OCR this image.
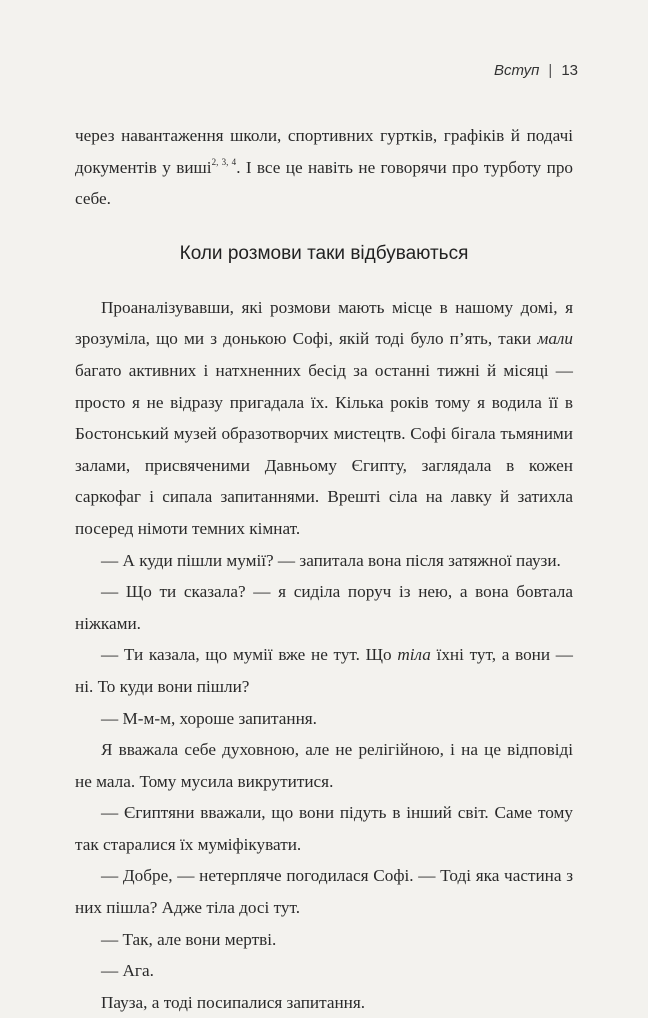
Вступ | 13

через навантаження школи, спортивних гуртків, графіків й подачі документів у виші$^{2, 3, 4}$. І все це навіть не говорячи про турботу про себе.

Коли розмови таки відбуваються

Проаналізувавши, які розмови мають місце в нашому домі, я зрозуміла, що ми з донькою Софі, якій тоді було п’ять, таки мали багато активних і натхненних бесід за останні тижні й місяці — просто я не відразу пригадала їх. Кілька років тому я водила її в Бостонський музей образотворчих мистецтв. Софі бігала тьмяними залами, присвяченими Давньому Єгипту, заглядала в кожен саркофаг і сипала запитаннями. Врешті сіла на лавку й затихла посеред німоти темних кімнат.

— А куди пішли мумії? — запитала вона після затяжної паузи.

— Що ти сказала? — я сиділа поруч із нею, а вона бовтала ніжками.

— Ти казала, що мумії вже не тут. Що тіла їхні тут, а вони — ні. То куди вони пішли?

— М-м-м, хороше запитання.

Я вважала себе духовною, але не релігійною, і на це відповіді не мала. Тому мусила викрутитися.

— Єгиптяни вважали, що вони підуть в інший світ. Саме тому так старалися їх муміфікувати.

— Добре, — нетерпляче погодилася Софі. — Тоді яка частина з них пішла? Адже тіла досі тут.

— Так, але вони мертві.

— Ага.

Пауза, а тоді посипалися запитання.
